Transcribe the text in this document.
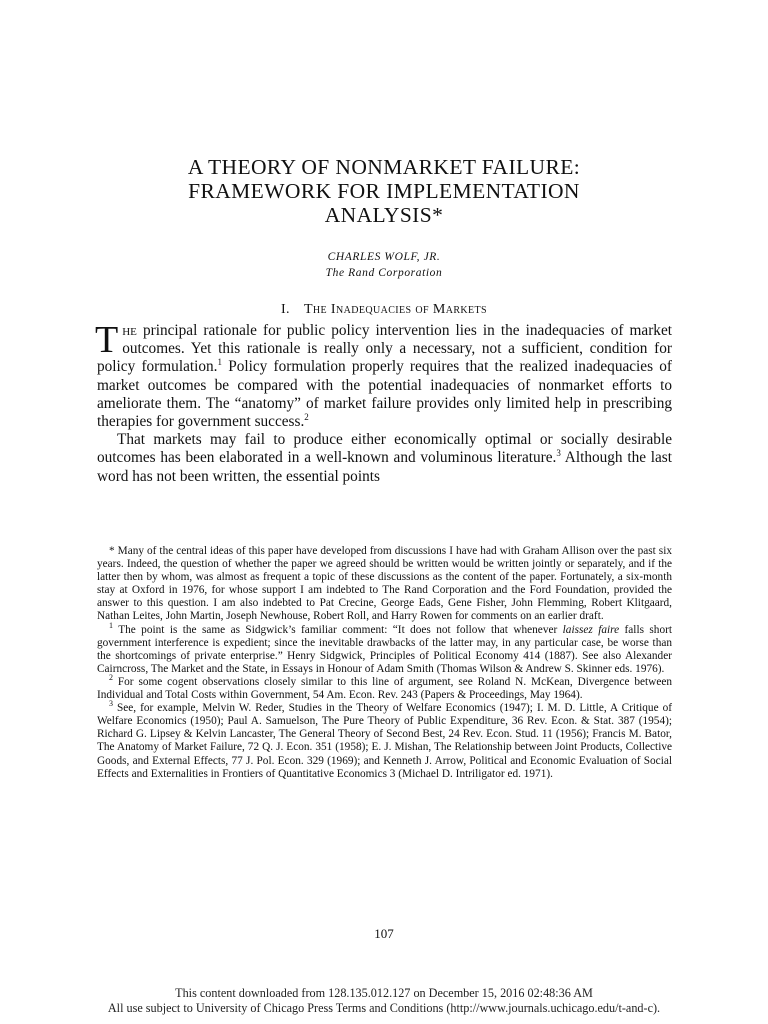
A THEORY OF NONMARKET FAILURE:
FRAMEWORK FOR IMPLEMENTATION
ANALYSIS*
CHARLES WOLF, JR.
The Rand Corporation
I. The Inadequacies of Markets

The principal rationale for public policy intervention lies in the inadequacies of market outcomes. Yet this rationale is really only a necessary, not a sufficient, condition for policy formulation.$^1$ Policy formulation properly requires that the realized inadequacies of market outcomes be compared with the potential inadequacies of nonmarket efforts to ameliorate them. The “anatomy” of market failure provides only limited help in prescribing therapies for government success.$^2$

That markets may fail to produce either economically optimal or socially desirable outcomes has been elaborated in a well-known and voluminous literature.$^3$ Although the last word has not been written, the essential points

* Many of the central ideas of this paper have developed from discussions I have had with Graham Allison over the past six years. Indeed, the question of whether the paper we agreed should be written would be written jointly or separately, and if the latter then by whom, was almost as frequent a topic of these discussions as the content of the paper. Fortunately, a six-month stay at Oxford in 1976, for whose support I am indebted to The Rand Corporation and the Ford Foundation, provided the answer to this question. I am also indebted to Pat Crecine, George Eads, Gene Fisher, John Flemming, Robert Klitgaard, Nathan Leites, John Martin, Joseph Newhouse, Robert Roll, and Harry Rowen for comments on an earlier draft.

$^1$ The point is the same as Sidgwick’s familiar comment: “It does not follow that whenever laissez faire falls short government interference is expedient; since the inevitable drawbacks of the latter may, in any particular case, be worse than the shortcomings of private enterprise.” Henry Sidgwick, Principles of Political Economy 414 (1887). See also Alexander Cairncross, The Market and the State, in Essays in Honour of Adam Smith (Thomas Wilson & Andrew S. Skinner eds. 1976).

$^2$ For some cogent observations closely similar to this line of argument, see Roland N. McKean, Divergence between Individual and Total Costs within Government, 54 Am. Econ. Rev. 243 (Papers & Proceedings, May 1964).

$^3$ See, for example, Melvin W. Reder, Studies in the Theory of Welfare Economics (1947); I. M. D. Little, A Critique of Welfare Economics (1950); Paul A. Samuelson, The Pure Theory of Public Expenditure, 36 Rev. Econ. & Stat. 387 (1954); Richard G. Lipsey & Kelvin Lancaster, The General Theory of Second Best, 24 Rev. Econ. Stud. 11 (1956); Francis M. Bator, The Anatomy of Market Failure, 72 Q. J. Econ. 351 (1958); E. J. Mishan, The Relationship between Joint Products, Collective Goods, and External Effects, 77 J. Pol. Econ. 329 (1969); and Kenneth J. Arrow, Political and Economic Evaluation of Social Effects and Externalities in Frontiers of Quantitative Economics 3 (Michael D. Intriligator ed. 1971).

107
This content downloaded from 128.135.012.127 on December 15, 2016 02:48:36 AM
All use subject to University of Chicago Press Terms and Conditions (http://www.journals.uchicago.edu/t-and-c).
